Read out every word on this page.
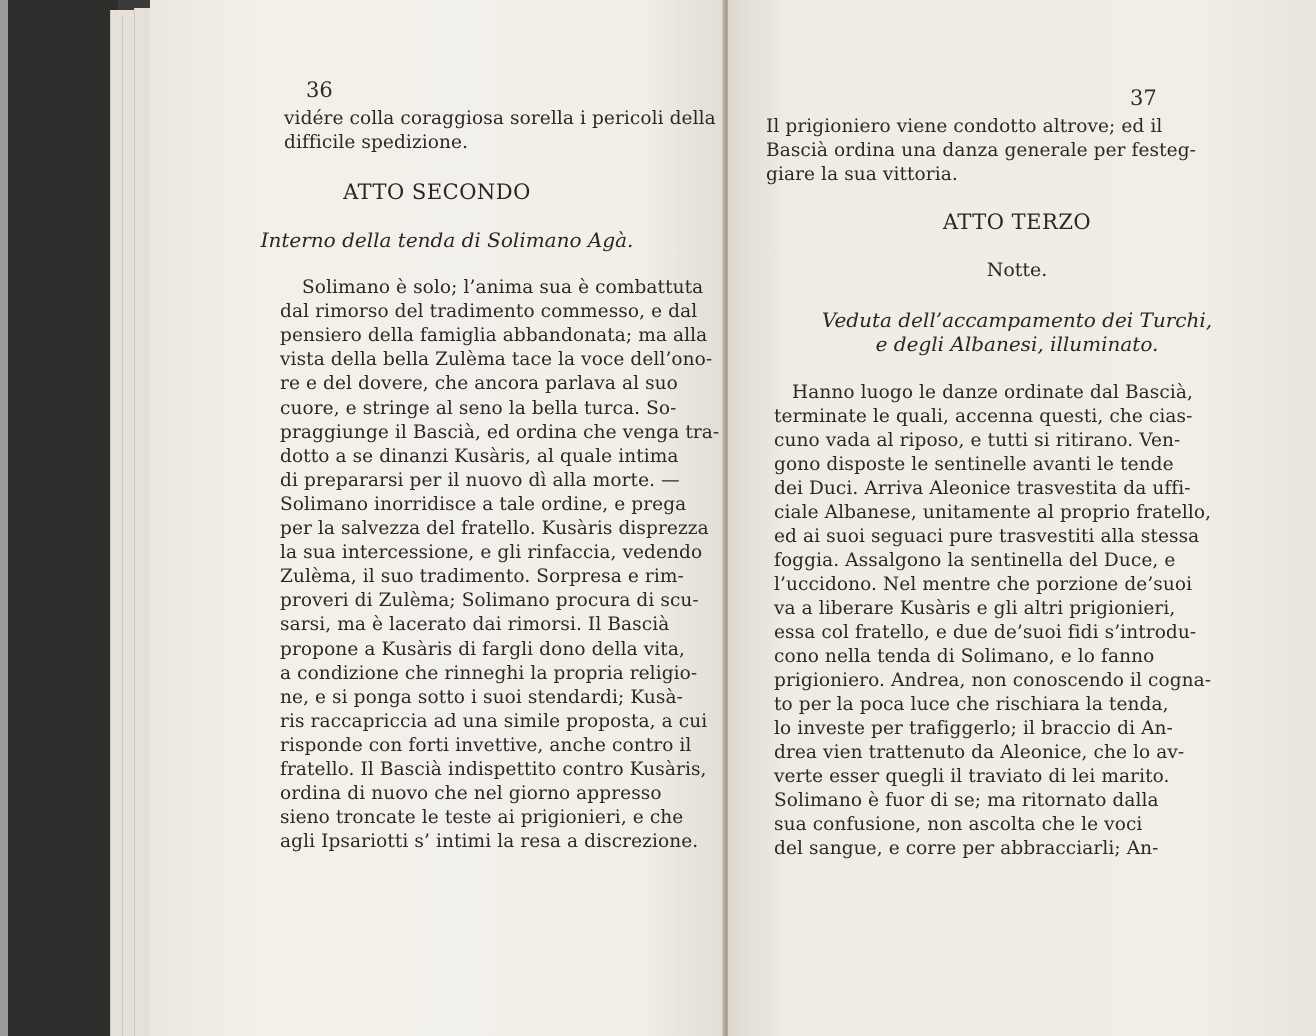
36
vidére colla coraggiosa sorella i pericoli della
difficile spedizione.
ATTO SECONDO
Interno della tenda di Solimano Agà.
Solimano è solo; l’anima sua è combattuta
dal rimorso del tradimento commesso, e dal
pensiero della famiglia abbandonata; ma alla
vista della bella Zulèma tace la voce dell’ono-
re e del dovere, che ancora parlava al suo
cuore, e stringe al seno la bella turca. So-
praggiunge il Bascià, ed ordina che venga tra-
dotto a se dinanzi Kusàris, al quale intima
di prepararsi per il nuovo dì alla morte. —
Solimano inorridisce a tale ordine, e prega
per la salvezza del fratello. Kusàris disprezza
la sua intercessione, e gli rinfaccia, vedendo
Zulèma, il suo tradimento. Sorpresa e rim-
proveri di Zulèma; Solimano procura di scu-
sarsi, ma è lacerato dai rimorsi. Il Bascià
propone a Kusàris di fargli dono della vita,
a condizione che rinneghi la propria religio-
ne, e si ponga sotto i suoi stendardi; Kusà-
ris raccapriccia ad una simile proposta, a cui
risponde con forti invettive, anche contro il
fratello. Il Bascià indispettito contro Kusàris,
ordina di nuovo che nel giorno appresso
sieno troncate le teste ai prigionieri, e che
agli Ipsariotti s’ intimi la resa a discrezione.
37
Il prigioniero viene condotto altrove; ed il
Bascià ordina una danza generale per festeg-
giare la sua vittoria.
ATTO TERZO
Notte.
Veduta dell’accampamento dei Turchi,
e degli Albanesi, illuminato.
Hanno luogo le danze ordinate dal Bascià,
terminate le quali, accenna questi, che cias-
cuno vada al riposo, e tutti si ritirano. Ven-
gono disposte le sentinelle avanti le tende
dei Duci. Arriva Aleonice trasvestita da uffi-
ciale Albanese, unitamente al proprio fratello,
ed ai suoi seguaci pure trasvestiti alla stessa
foggia. Assalgono la sentinella del Duce, e
l’uccidono. Nel mentre che porzione de’suoi
va a liberare Kusàris e gli altri prigionieri,
essa col fratello, e due de’suoi fidi s’introdu-
cono nella tenda di Solimano, e lo fanno
prigioniero. Andrea, non conoscendo il cogna-
to per la poca luce che rischiara la tenda,
lo investe per trafiggerlo; il braccio di An-
drea vien trattenuto da Aleonice, che lo av-
verte esser quegli il traviato di lei marito.
Solimano è fuor di se; ma ritornato dalla
sua confusione, non ascolta che le voci
del sangue, e corre per abbracciarli; An-
